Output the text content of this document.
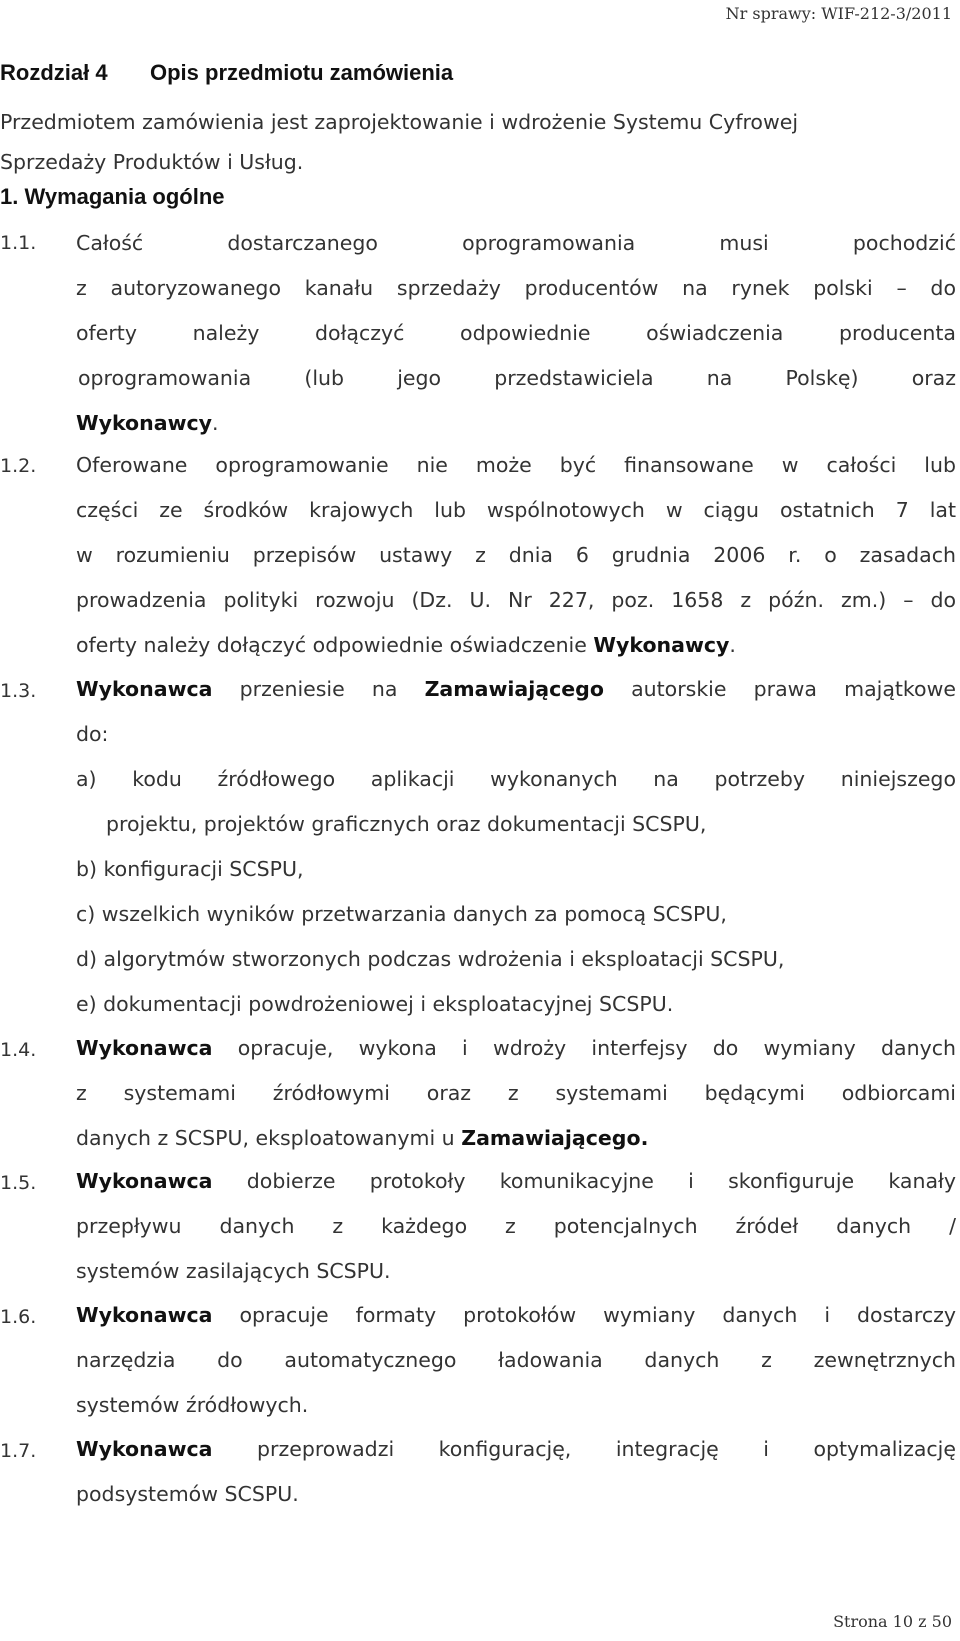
Nr sprawy: WIF-212-3/2011
Rozdział 4 Opis przedmiotu zamówienia
Przedmiotem zamówienia jest zaprojektowanie i wdrożenie Systemu Cyfrowej
Sprzedaży Produktów i Usług.
1. Wymagania ogólne
1.1. Całość dostarczanego oprogramowania musi pochodzić
z autoryzowanego kanału sprzedaży producentów na rynek polski – do
oferty należy dołączyć odpowiednie oświadczenia producenta
oprogramowania (lub jego przedstawiciela na Polskę) oraz
Wykonawcy.
1.2. Oferowane oprogramowanie nie może być finansowane w całości lub
części ze środków krajowych lub wspólnotowych w ciągu ostatnich 7 lat
w rozumieniu przepisów ustawy z dnia 6 grudnia 2006 r. o zasadach
prowadzenia polityki rozwoju (Dz. U. Nr 227, poz. 1658 z późn. zm.) – do
oferty należy dołączyć odpowiednie oświadczenie Wykonawcy.
1.3. Wykonawca przeniesie na Zamawiającego autorskie prawa majątkowe
do:
a) kodu źródłowego aplikacji wykonanych na potrzeby niniejszego
projektu, projektów graficznych oraz dokumentacji SCSPU,
b) konfiguracji SCSPU,
c) wszelkich wyników przetwarzania danych za pomocą SCSPU,
d) algorytmów stworzonych podczas wdrożenia i eksploatacji SCSPU,
e) dokumentacji powdrożeniowej i eksploatacyjnej SCSPU.
1.4. Wykonawca opracuje, wykona i wdroży interfejsy do wymiany danych
z systemami źródłowymi oraz z systemami będącymi odbiorcami
danych z SCSPU, eksploatowanymi u Zamawiającego.
1.5. Wykonawca dobierze protokoły komunikacyjne i skonfiguruje kanały
przepływu danych z każdego z potencjalnych źródeł danych /
systemów zasilających SCSPU.
1.6. Wykonawca opracuje formaty protokołów wymiany danych i dostarczy
narzędzia do automatycznego ładowania danych z zewnętrznych
systemów źródłowych.
1.7. Wykonawca przeprowadzi konfigurację, integrację i optymalizację
podsystemów SCSPU.
Strona 10 z 50
